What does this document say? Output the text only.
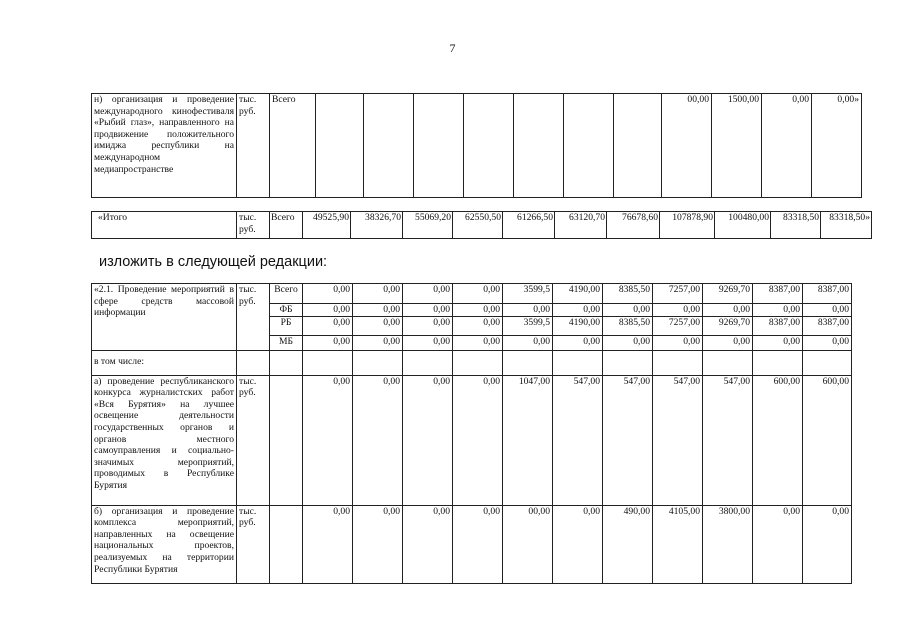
7
н) организация и проведение международного кинофестиваля «Рыбий глаз», направленного на продвижение положительного имиджа республики на международном медиапространстве	тыс. руб.	Всего								00,00	1500,00	0,00	0,00»
«Итого	тыс. руб.	Всего	49525,90	38326,70	55069,20	62550,50	61266,50	63120,70	76678,60	107878,90	100480,00	83318,50	83318,50»
изложить в следующей редакции:
«2.1. Проведение мероприятий в сфере средств массовой информации	тыс. руб.	Всего	0,00	0,00	0,00	0,00	3599,5	4190,00	8385,50	7257,00	9269,70	8387,00	8387,00
		ФБ	0,00	0,00	0,00	0,00	0,00	0,00	0,00	0,00	0,00	0,00	0,00
		РБ	0,00	0,00	0,00	0,00	3599,5	4190,00	8385,50	7257,00	9269,70	8387,00	8387,00
		МБ	0,00	0,00	0,00	0,00	0,00	0,00	0,00	0,00	0,00	0,00	0,00
в том числе:													
а) проведение республиканского конкурса журналистских работ «Вся Бурятия» на лучшее освещение деятельности государственных органов и органов местного самоуправления и социально-значимых мероприятий, проводимых в Республике Бурятия	тыс. руб.		0,00	0,00	0,00	0,00	1047,00	547,00	547,00	547,00	547,00	600,00	600,00
б) организация и проведение комплекса мероприятий, направленных на освещение национальных проектов, реализуемых на территории Республики Бурятия	тыс. руб.		0,00	0,00	0,00	0,00	00,00	0,00	490,00	4105,00	3800,00	0,00	0,00
